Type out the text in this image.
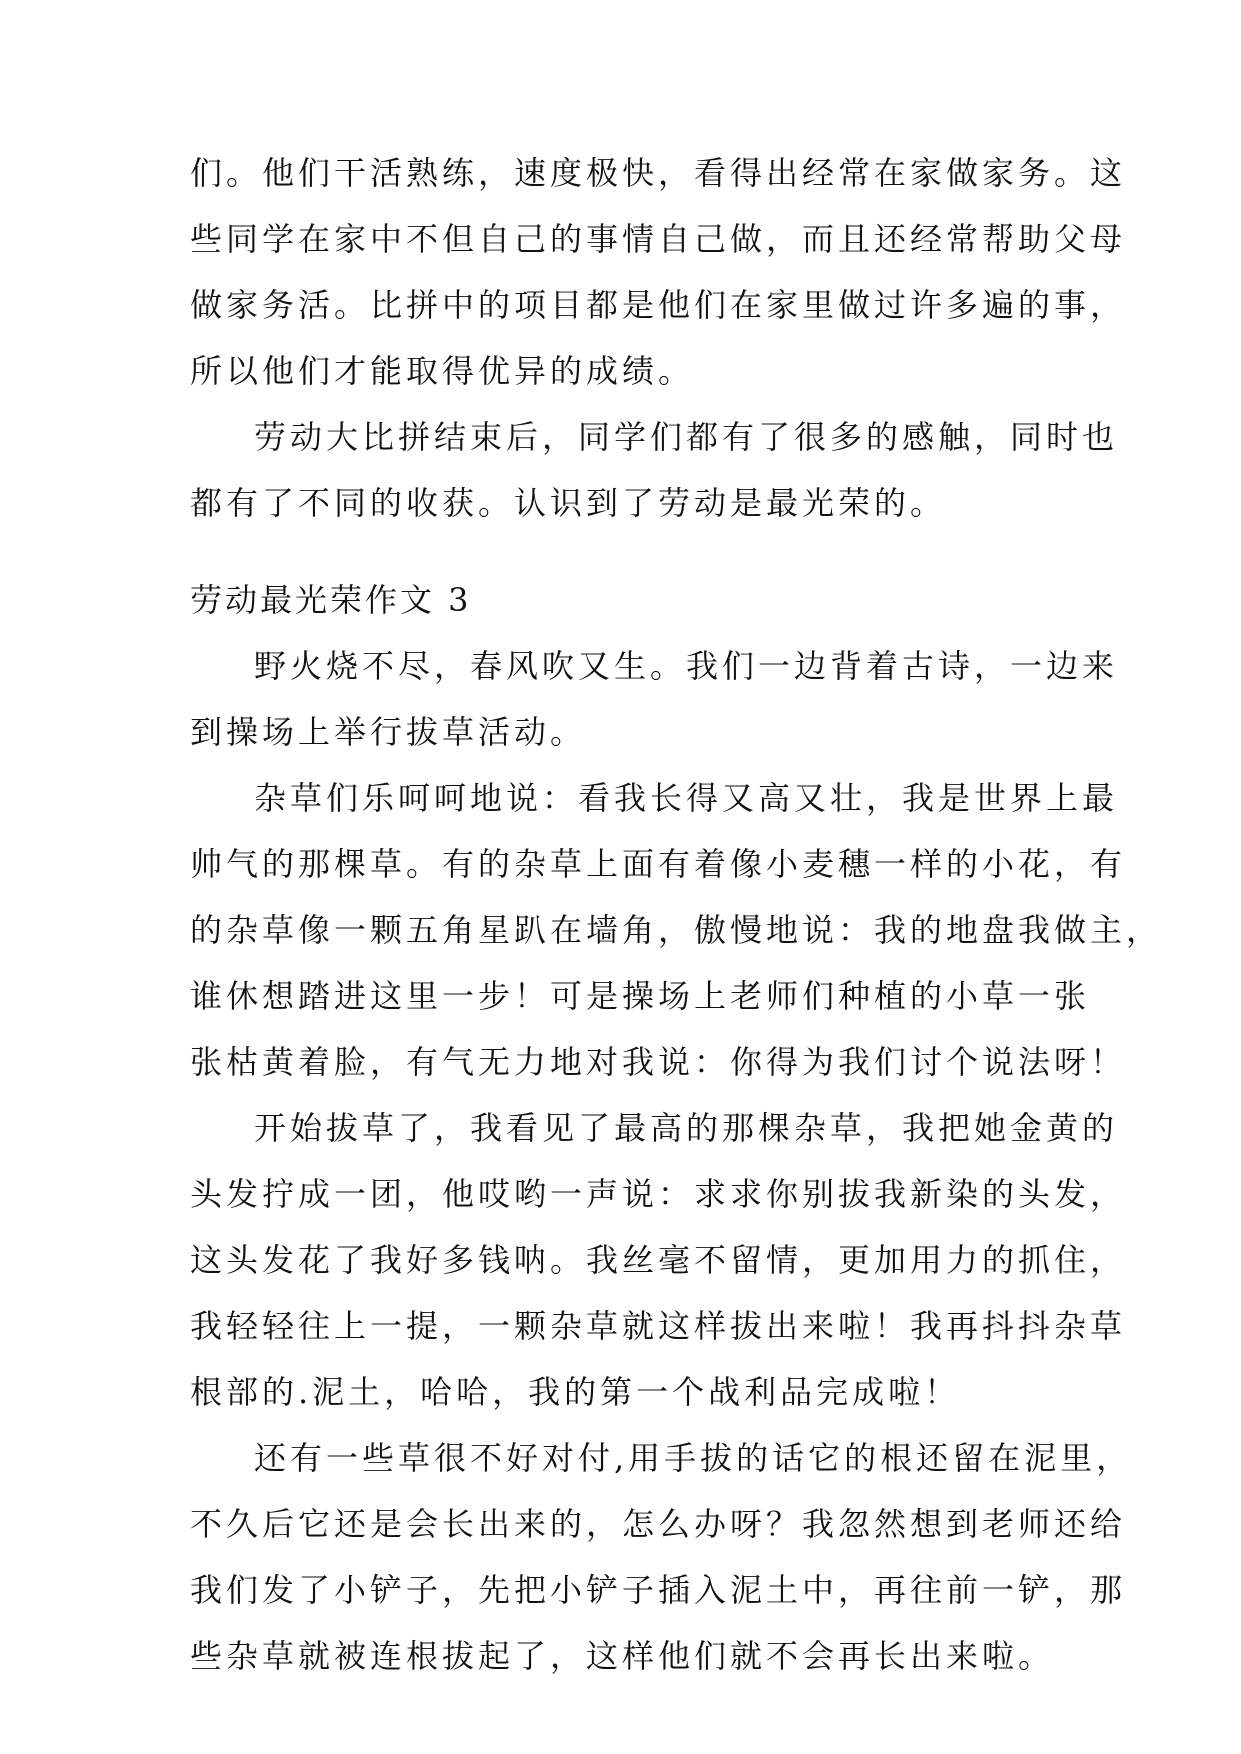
们。他们干活熟练，速度极快，看得出经常在家做家务。这
些同学在家中不但自己的事情自己做，而且还经常帮助父母
做家务活。比拼中的项目都是他们在家里做过许多遍的事，
所以他们才能取得优异的成绩。
劳动大比拼结束后，同学们都有了很多的感触，同时也
都有了不同的收获。认识到了劳动是最光荣的。
劳动最光荣作文 3
野火烧不尽，春风吹又生。我们一边背着古诗，一边来
到操场上举行拔草活动。
杂草们乐呵呵地说：看我长得又高又壮，我是世界上最
帅气的那棵草。有的杂草上面有着像小麦穗一样的小花，有
的杂草像一颗五角星趴在墙角，傲慢地说：我的地盘我做主，
谁休想踏进这里一步！可是操场上老师们种植的小草一张
张枯黄着脸，有气无力地对我说：你得为我们讨个说法呀！
开始拔草了，我看见了最高的那棵杂草，我把她金黄的
头发拧成一团，他哎哟一声说：求求你别拔我新染的头发，
这头发花了我好多钱呐。我丝毫不留情，更加用力的抓住，
我轻轻往上一提，一颗杂草就这样拔出来啦！我再抖抖杂草
根部的.泥土，哈哈，我的第一个战利品完成啦！
还有一些草很不好对付,用手拔的话它的根还留在泥里，
不久后它还是会长出来的，怎么办呀？我忽然想到老师还给
我们发了小铲子，先把小铲子插入泥土中，再往前一铲，那
些杂草就被连根拔起了，这样他们就不会再长出来啦。
